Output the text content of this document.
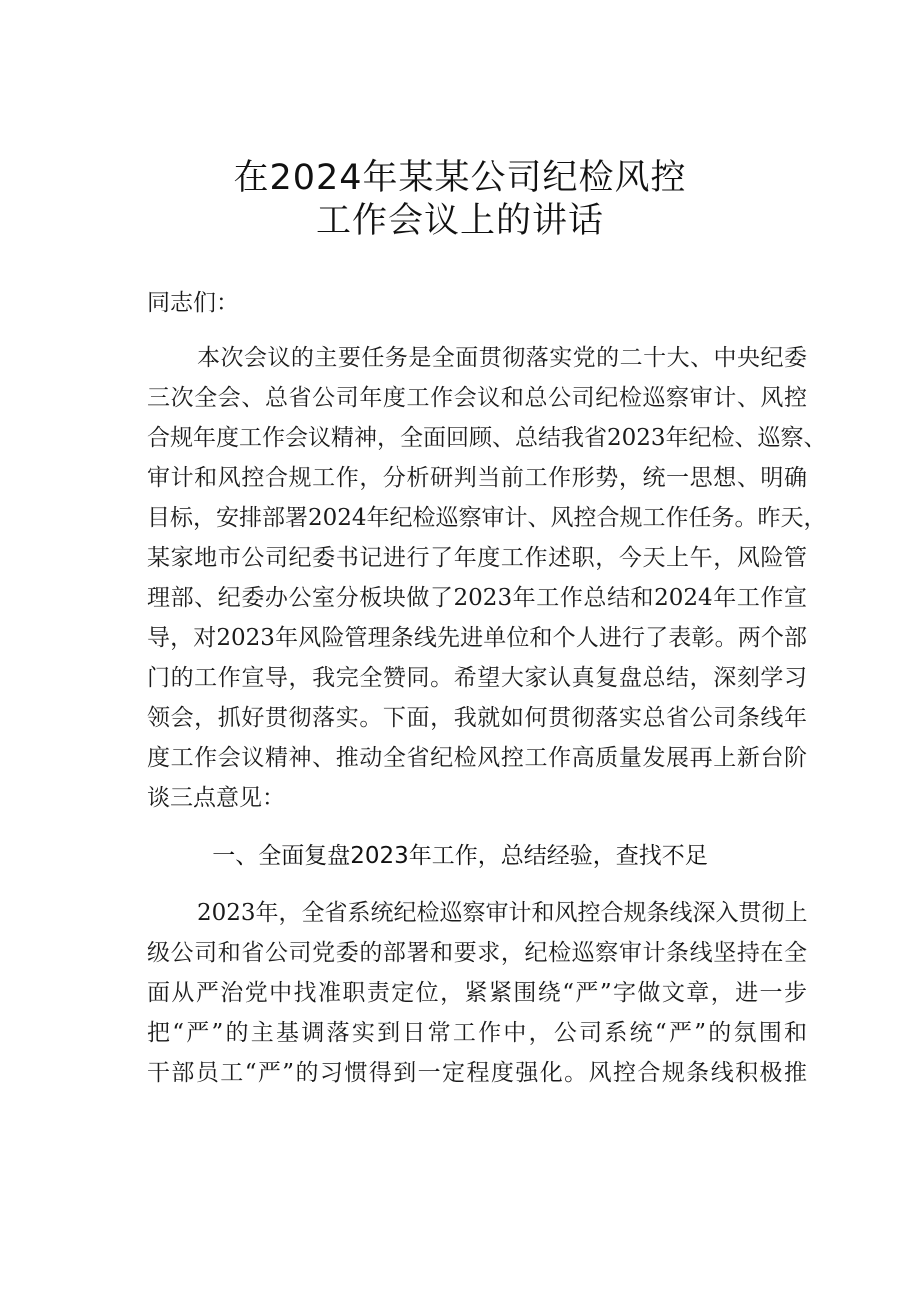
在2024年某某公司纪检风控
工作会议上的讲话
同志们：
本次会议的主要任务是全面贯彻落实党的二十大、中央纪委
三次全会、总省公司年度工作会议和总公司纪检巡察审计、风控
合规年度工作会议精神，全面回顾、总结我省2023年纪检、巡察、
审计和风控合规工作，分析研判当前工作形势，统一思想、明确
目标，安排部署2024年纪检巡察审计、风控合规工作任务。昨天，
某家地市公司纪委书记进行了年度工作述职，今天上午，风险管
理部、纪委办公室分板块做了2023年工作总结和2024年工作宣
导，对2023年风险管理条线先进单位和个人进行了表彰。两个部
门的工作宣导，我完全赞同。希望大家认真复盘总结，深刻学习
领会，抓好贯彻落实。下面，我就如何贯彻落实总省公司条线年
度工作会议精神、推动全省纪检风控工作高质量发展再上新台阶
谈三点意见：
一、全面复盘2023年工作，总结经验，查找不足
2023年，全省系统纪检巡察审计和风控合规条线深入贯彻上
级公司和省公司党委的部署和要求，纪检巡察审计条线坚持在全
面从严治党中找准职责定位，紧紧围绕“严”字做文章，进一步
把“严”的主基调落实到日常工作中，公司系统“严”的氛围和
干部员工“严”的习惯得到一定程度强化。风控合规条线积极推
